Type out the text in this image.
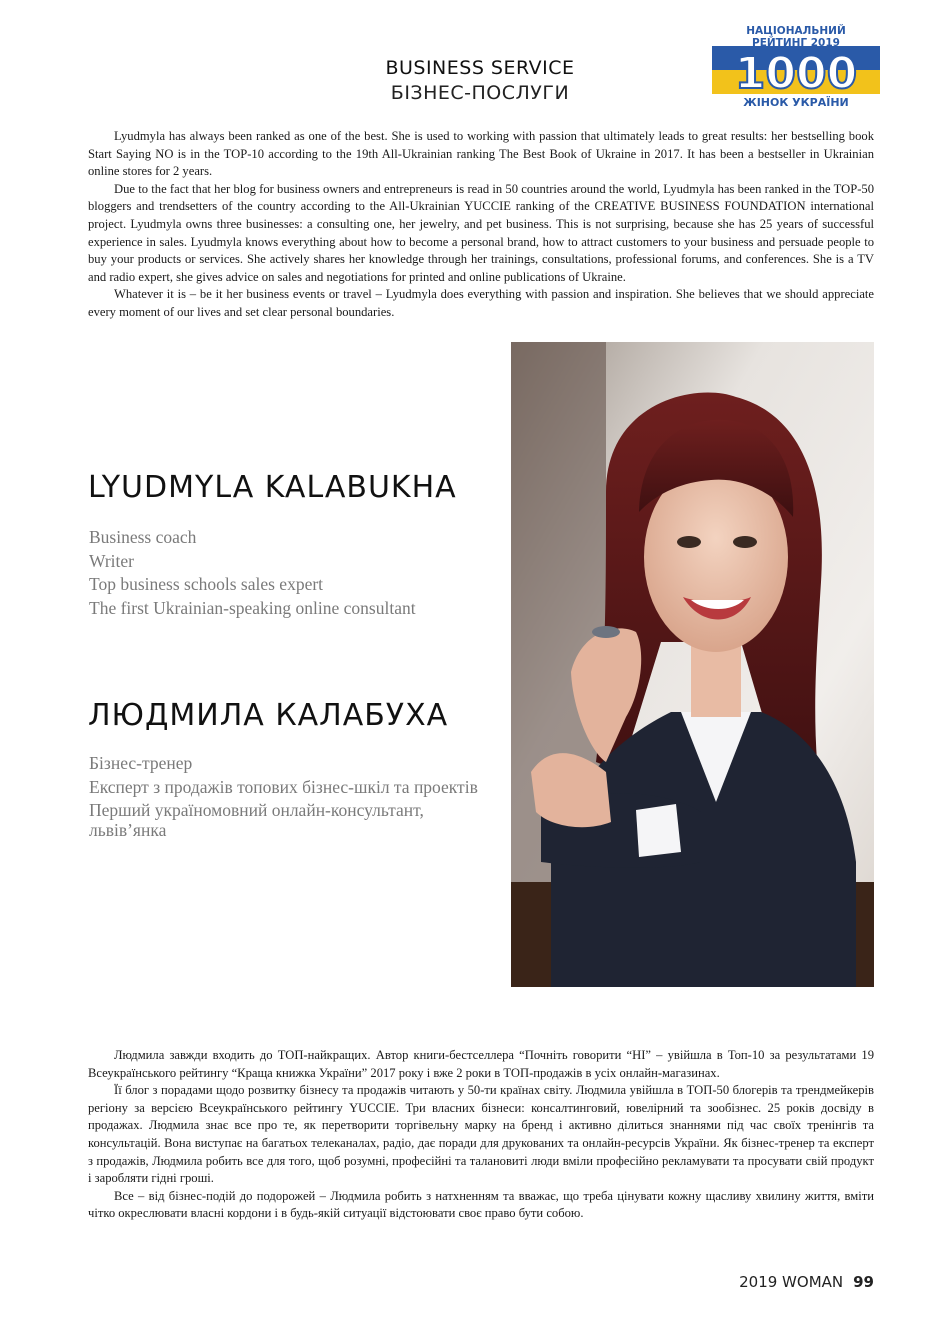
BUSINESS SERVICE
БІЗНЕС-ПОСЛУГИ
НАЦІОНАЛЬНИЙ
РЕЙТИНГ 2019
1000
ЖІНОК УКРАЇНИ

Lyudmyla has always been ranked as one of the best. She is used to working with passion that ultimately leads to great results: her bestselling book Start Saying NO is in the TOP-10 according to the 19th All-Ukrainian ranking The Best Book of Ukraine in 2017. It has been a bestseller in Ukrainian online stores for 2 years.

Due to the fact that her blog for business owners and entrepreneurs is read in 50 countries around the world, Lyudmyla has been ranked in the TOP-50 bloggers and trendsetters of the country according to the All-Ukrainian YUCCIE ranking of the CREATIVE BUSINESS FOUNDATION international project. Lyudmyla owns three businesses: a consulting one, her jewelry, and pet business. This is not surprising, because she has 25 years of successful experience in sales. Lyudmyla knows everything about how to become a personal brand, how to attract customers to your business and persuade people to buy your products or services. She actively shares her knowledge through her trainings, consultations, professional forums, and conferences. She is a TV and radio expert, she gives advice on sales and negotiations for printed and online publications of Ukraine.

Whatever it is – be it her business events or travel – Lyudmyla does everything with passion and inspiration. She believes that we should appreciate every moment of our lives and set clear personal boundaries.

LYUDMYLA KALABUKHA
Business coach
Writer
Top business schools sales expert
The first Ukrainian-speaking online consultant
ЛЮДМИЛА КАЛАБУХА
Бізнес-тренер
Експерт з продажів топових бізнес-шкіл та проектів
Перший україномовний онлайн-консультант, львів’янка

Людмила завжди входить до ТОП-найкращих. Автор книги-бестселлера “Почніть говорити “НІ” – увійшла в Топ-10 за результатами 19 Всеукраїнського рейтингу “Краща книжка України” 2017 року і вже 2 роки в ТОП-продажів в усіх онлайн-магазинах.

Її блог з порадами щодо розвитку бізнесу та продажів читають у 50-ти країнах світу. Людмила увійшла в ТОП-50 блогерів та трендмейкерів регіону за версією Всеукраїнського рейтингу YUCCIE. Три власних бізнеси: консалтинговий, ювелірний та зообізнес. 25 років досвіду в продажах. Людмила знає все про те, як перетворити торгівельну марку на бренд і активно ділиться знаннями під час своїх тренінгів та консультацій. Вона виступає на багатьох телеканалах, радіо, дає поради для друкованих та онлайн-ресурсів України. Як бізнес-тренер та експерт з продажів, Людмила робить все для того, щоб розумні, професійні та талановиті люди вміли професійно рекламувати та просувати свій продукт і заробляти гідні гроші.

Все – від бізнес-подій до подорожей – Людмила робить з натхненням та вважає, що треба цінувати кожну щасливу хвилину життя, вміти чітко окреслювати власні кордони і в будь-якій ситуації відстоювати своє право бути собою.

2019 WOMAN 99
